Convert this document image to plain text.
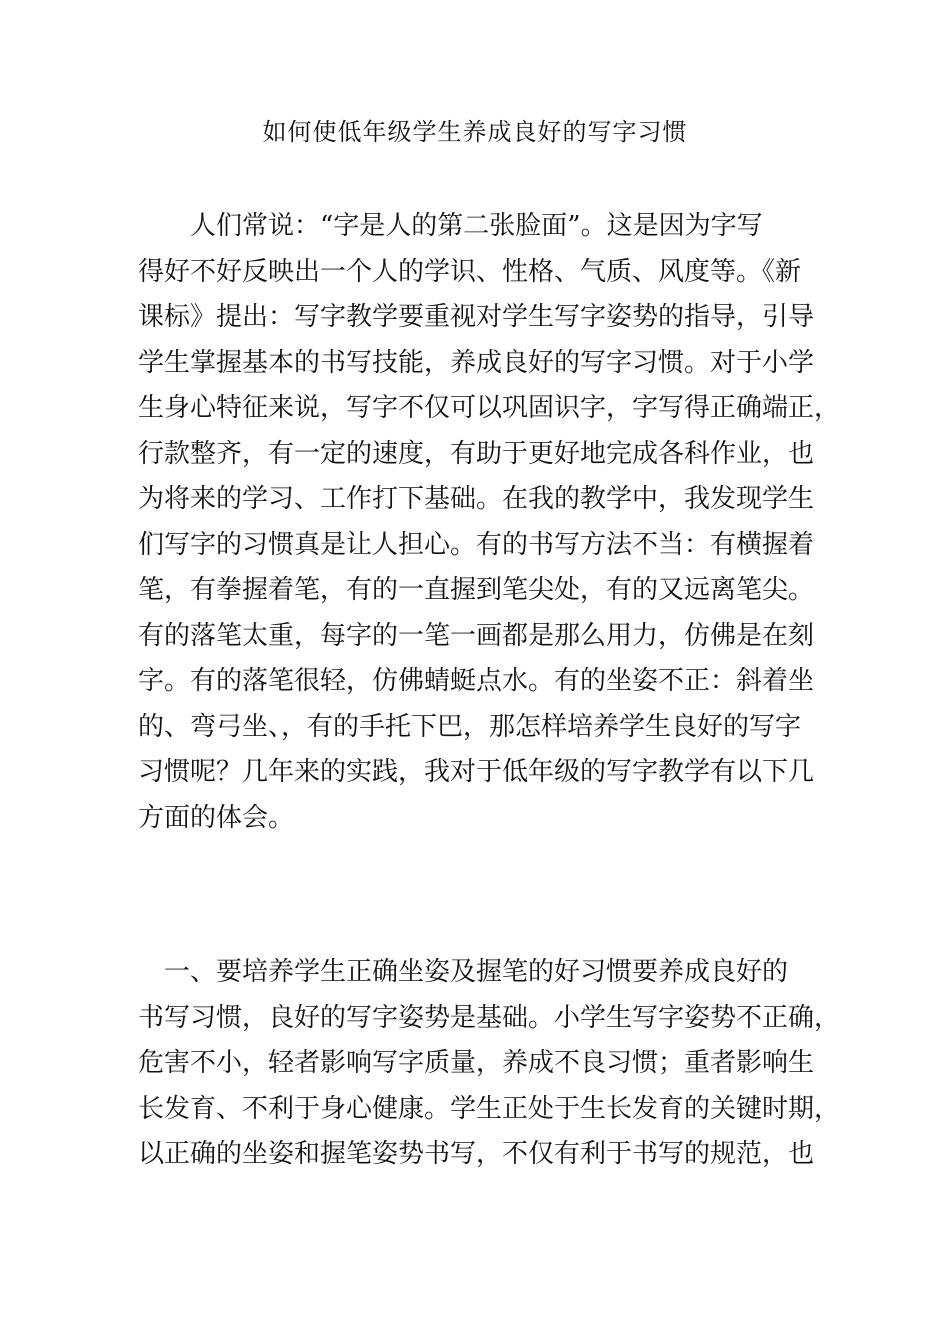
如何使低年级学生养成良好的写字习惯
　　人们常说：“字是人的第二张脸面”。这是因为字写
得好不好反映出一个人的学识、性格、气质、风度等。《新
课标》提出：写字教学要重视对学生写字姿势的指导，引导
学生掌握基本的书写技能，养成良好的写字习惯。对于小学
生身心特征来说，写字不仅可以巩固识字，字写得正确端正，
行款整齐，有一定的速度，有助于更好地完成各科作业，也
为将来的学习、工作打下基础。在我的教学中，我发现学生
们写字的习惯真是让人担心。有的书写方法不当：有横握着
笔，有拳握着笔，有的一直握到笔尖处，有的又远离笔尖。
有的落笔太重，每字的一笔一画都是那么用力，仿佛是在刻
字。有的落笔很轻，仿佛蜻蜓点水。有的坐姿不正：斜着坐
的、弯弓坐、，有的手托下巴，那怎样培养学生良好的写字
习惯呢？几年来的实践，我对于低年级的写字教学有以下几
方面的体会。
　一、要培养学生正确坐姿及握笔的好习惯要养成良好的
书写习惯，良好的写字姿势是基础。小学生写字姿势不正确，
危害不小，轻者影响写字质量，养成不良习惯；重者影响生
长发育、不利于身心健康。学生正处于生长发育的关键时期，
以正确的坐姿和握笔姿势书写，不仅有利于书写的规范，也
